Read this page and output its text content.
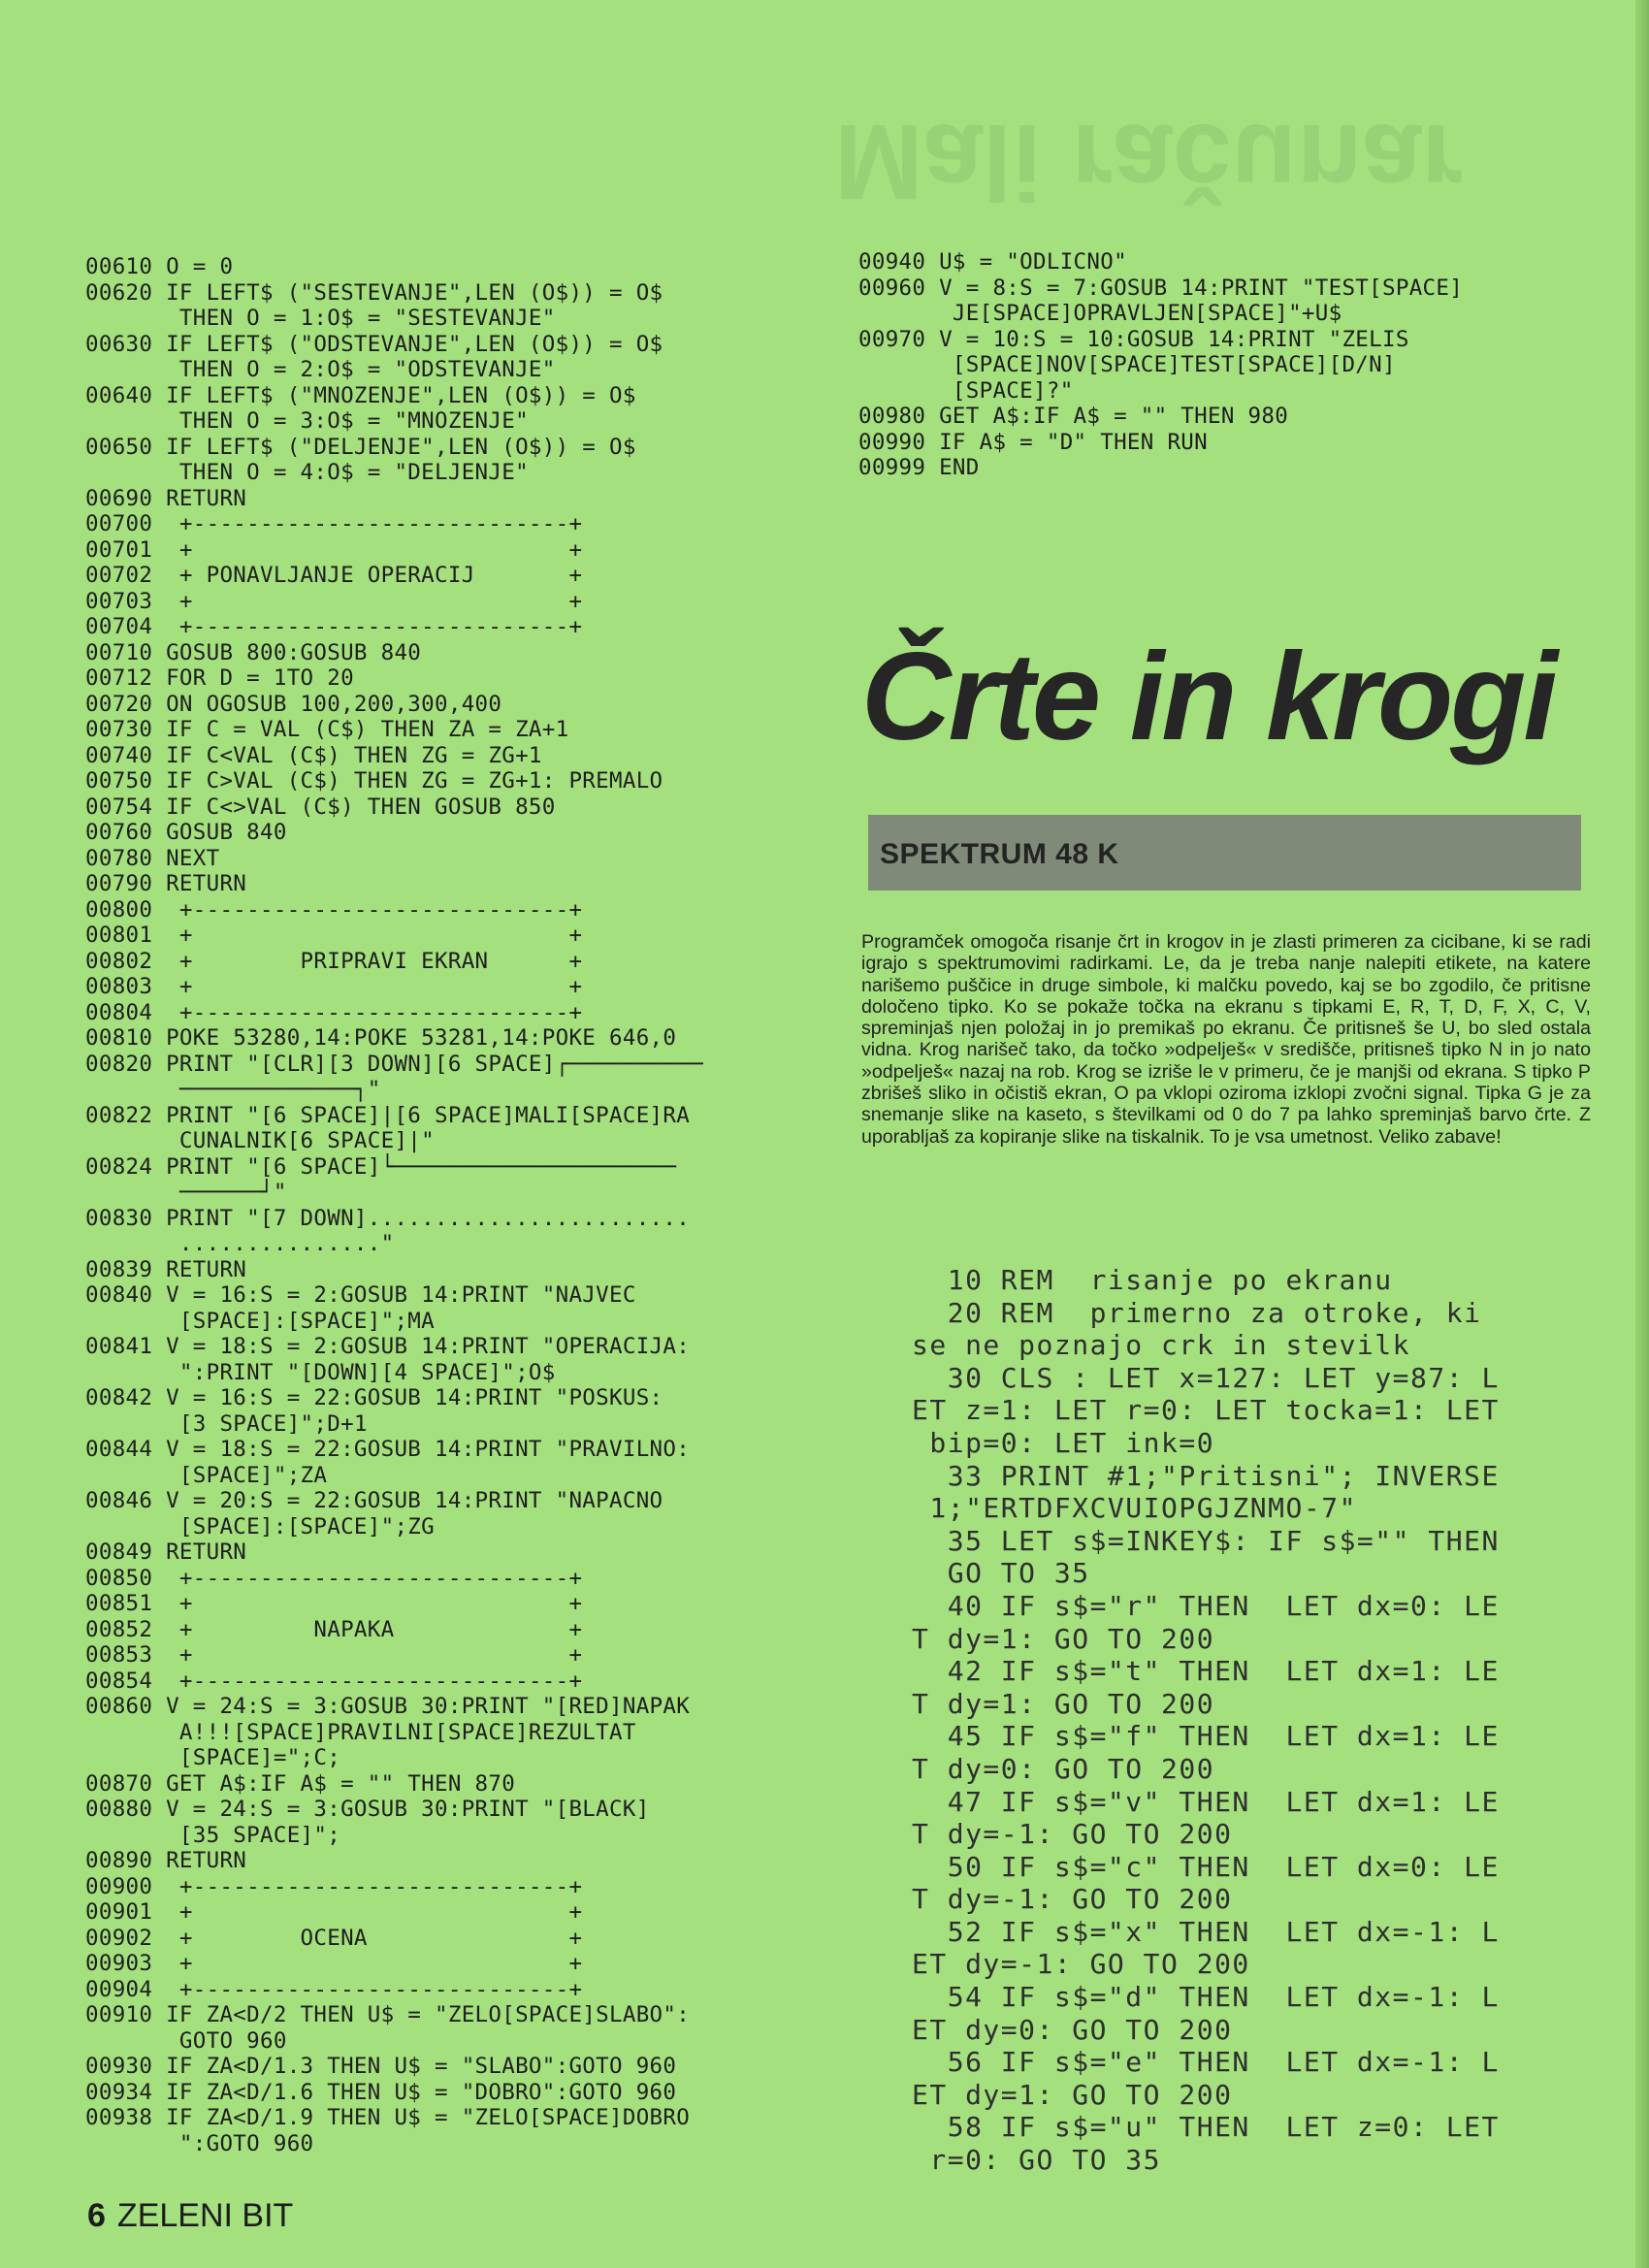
Mali računar
00610 O = 0
00620 IF LEFT$ ("SESTEVANJE",LEN (O$)) = O$
THEN O = 1:O$ = "SESTEVANJE"
00630 IF LEFT$ ("ODSTEVANJE",LEN (O$)) = O$
THEN O = 2:O$ = "ODSTEVANJE"
00640 IF LEFT$ ("MNOZENJE",LEN (O$)) = O$
THEN O = 3:O$ = "MNOZENJE"
00650 IF LEFT$ ("DELJENJE",LEN (O$)) = O$
THEN O = 4:O$ = "DELJENJE"
00690 RETURN
00700  +----------------------------+
00701  +                            +
00702  + PONAVLJANJE OPERACIJ       +
00703  +                            +
00704  +----------------------------+
00710 GOSUB 800:GOSUB 840
00712 FOR D = 1TO 20
00720 ON OGOSUB 100,200,300,400
00730 IF C = VAL (C$) THEN ZA = ZA+1
00740 IF C<VAL (C$) THEN ZG = ZG+1
00750 IF C>VAL (C$) THEN ZG = ZG+1: PREMALO
00754 IF C<>VAL (C$) THEN GOSUB 850
00760 GOSUB 840
00780 NEXT
00790 RETURN
00800  +----------------------------+
00801  +                            +
00802  +        PRIPRAVI EKRAN      +
00803  +                            +
00804  +----------------------------+
00810 POKE 53280,14:POKE 53281,14:POKE 646,0
00820 PRINT "[CLR][3 DOWN][6 SPACE]┌──────────
─────────────┐"
00822 PRINT "[6 SPACE]|[6 SPACE]MALI[SPACE]RA
CUNALNIK[6 SPACE]|"
00824 PRINT "[6 SPACE]└─────────────────────
──────┘"
00830 PRINT "[7 DOWN]........................
..............."
00839 RETURN
00840 V = 16:S = 2:GOSUB 14:PRINT "NAJVEC
[SPACE]:[SPACE]";MA
00841 V = 18:S = 2:GOSUB 14:PRINT "OPERACIJA:
":PRINT "[DOWN][4 SPACE]";O$
00842 V = 16:S = 22:GOSUB 14:PRINT "POSKUS:
[3 SPACE]";D+1
00844 V = 18:S = 22:GOSUB 14:PRINT "PRAVILNO:
[SPACE]";ZA
00846 V = 20:S = 22:GOSUB 14:PRINT "NAPACNO
[SPACE]:[SPACE]";ZG
00849 RETURN
00850  +----------------------------+
00851  +                            +
00852  +         NAPAKA             +
00853  +                            +
00854  +----------------------------+
00860 V = 24:S = 3:GOSUB 30:PRINT "[RED]NAPAK
A!!![SPACE]PRAVILNI[SPACE]REZULTAT
[SPACE]=";C;
00870 GET A$:IF A$ = "" THEN 870
00880 V = 24:S = 3:GOSUB 30:PRINT "[BLACK]
[35 SPACE]";
00890 RETURN
00900  +----------------------------+
00901  +                            +
00902  +        OCENA               +
00903  +                            +
00904  +----------------------------+
00910 IF ZA<D/2 THEN U$ = "ZELO[SPACE]SLABO":
GOTO 960
00930 IF ZA<D/1.3 THEN U$ = "SLABO":GOTO 960
00934 IF ZA<D/1.6 THEN U$ = "DOBRO":GOTO 960
00938 IF ZA<D/1.9 THEN U$ = "ZELO[SPACE]DOBRO
":GOTO 960
00940 U$ = "ODLICNO"
00960 V = 8:S = 7:GOSUB 14:PRINT "TEST[SPACE]
JE[SPACE]OPRAVLJEN[SPACE]"+U$
00970 V = 10:S = 10:GOSUB 14:PRINT "ZELIS
[SPACE]NOV[SPACE]TEST[SPACE][D/N]
[SPACE]?"
00980 GET A$:IF A$ = "" THEN 980
00990 IF A$ = "D" THEN RUN
00999 END
Črte in krogi
SPEKTRUM 48 K
Programček omogoča risanje črt in krogov in je zlasti primeren za cicibane, ki se radi igrajo s spektrumovimi radirkami. Le, da je treba nanje nalepiti etikete, na katere narišemo puščice in druge simbole, ki malčku povedo, kaj se bo zgodilo, če pritisne določeno tipko. Ko se pokaže točka na ekranu s tipkami E, R, T, D, F, X, C, V, spreminjaš njen položaj in jo premikaš po ekranu. Če pritisneš še U, bo sled ostala vidna. Krog narišeč tako, da točko »odpelješ« v središče, pritisneš tipko N in jo nato »odpelješ« nazaj na rob. Krog se izriše le v primeru, če je manjši od ekrana. S tipko P zbrišeš sliko in očistiš ekran, O pa vklopi oziroma izklopi zvočni signal. Tipka G je za snemanje slike na kaseto, s številkami od 0 do 7 pa lahko spreminjaš barvo črte. Z uporabljaš za kopiranje slike na tiskalnik. To je vsa umetnost. Veliko zabave!
10 REM  risanje po ekranu
20 REM  primerno za otroke, ki
se ne poznajo crk in stevilk
30 CLS : LET x=127: LET y=87: L
ET z=1: LET r=0: LET tocka=1: LET
bip=0: LET ink=0
33 PRINT #1;"Pritisni"; INVERSE
1;"ERTDFXCVUIOPGJZNMO-7"
35 LET s$=INKEY$: IF s$="" THEN
GO TO 35
40 IF s$="r" THEN  LET dx=0: LE
T dy=1: GO TO 200
42 IF s$="t" THEN  LET dx=1: LE
T dy=1: GO TO 200
45 IF s$="f" THEN  LET dx=1: LE
T dy=0: GO TO 200
47 IF s$="v" THEN  LET dx=1: LE
T dy=-1: GO TO 200
50 IF s$="c" THEN  LET dx=0: LE
T dy=-1: GO TO 200
52 IF s$="x" THEN  LET dx=-1: L
ET dy=-1: GO TO 200
54 IF s$="d" THEN  LET dx=-1: L
ET dy=0: GO TO 200
56 IF s$="e" THEN  LET dx=-1: L
ET dy=1: GO TO 200
58 IF s$="u" THEN  LET z=0: LET
r=0: GO TO 35
6 ZELENI BIT
